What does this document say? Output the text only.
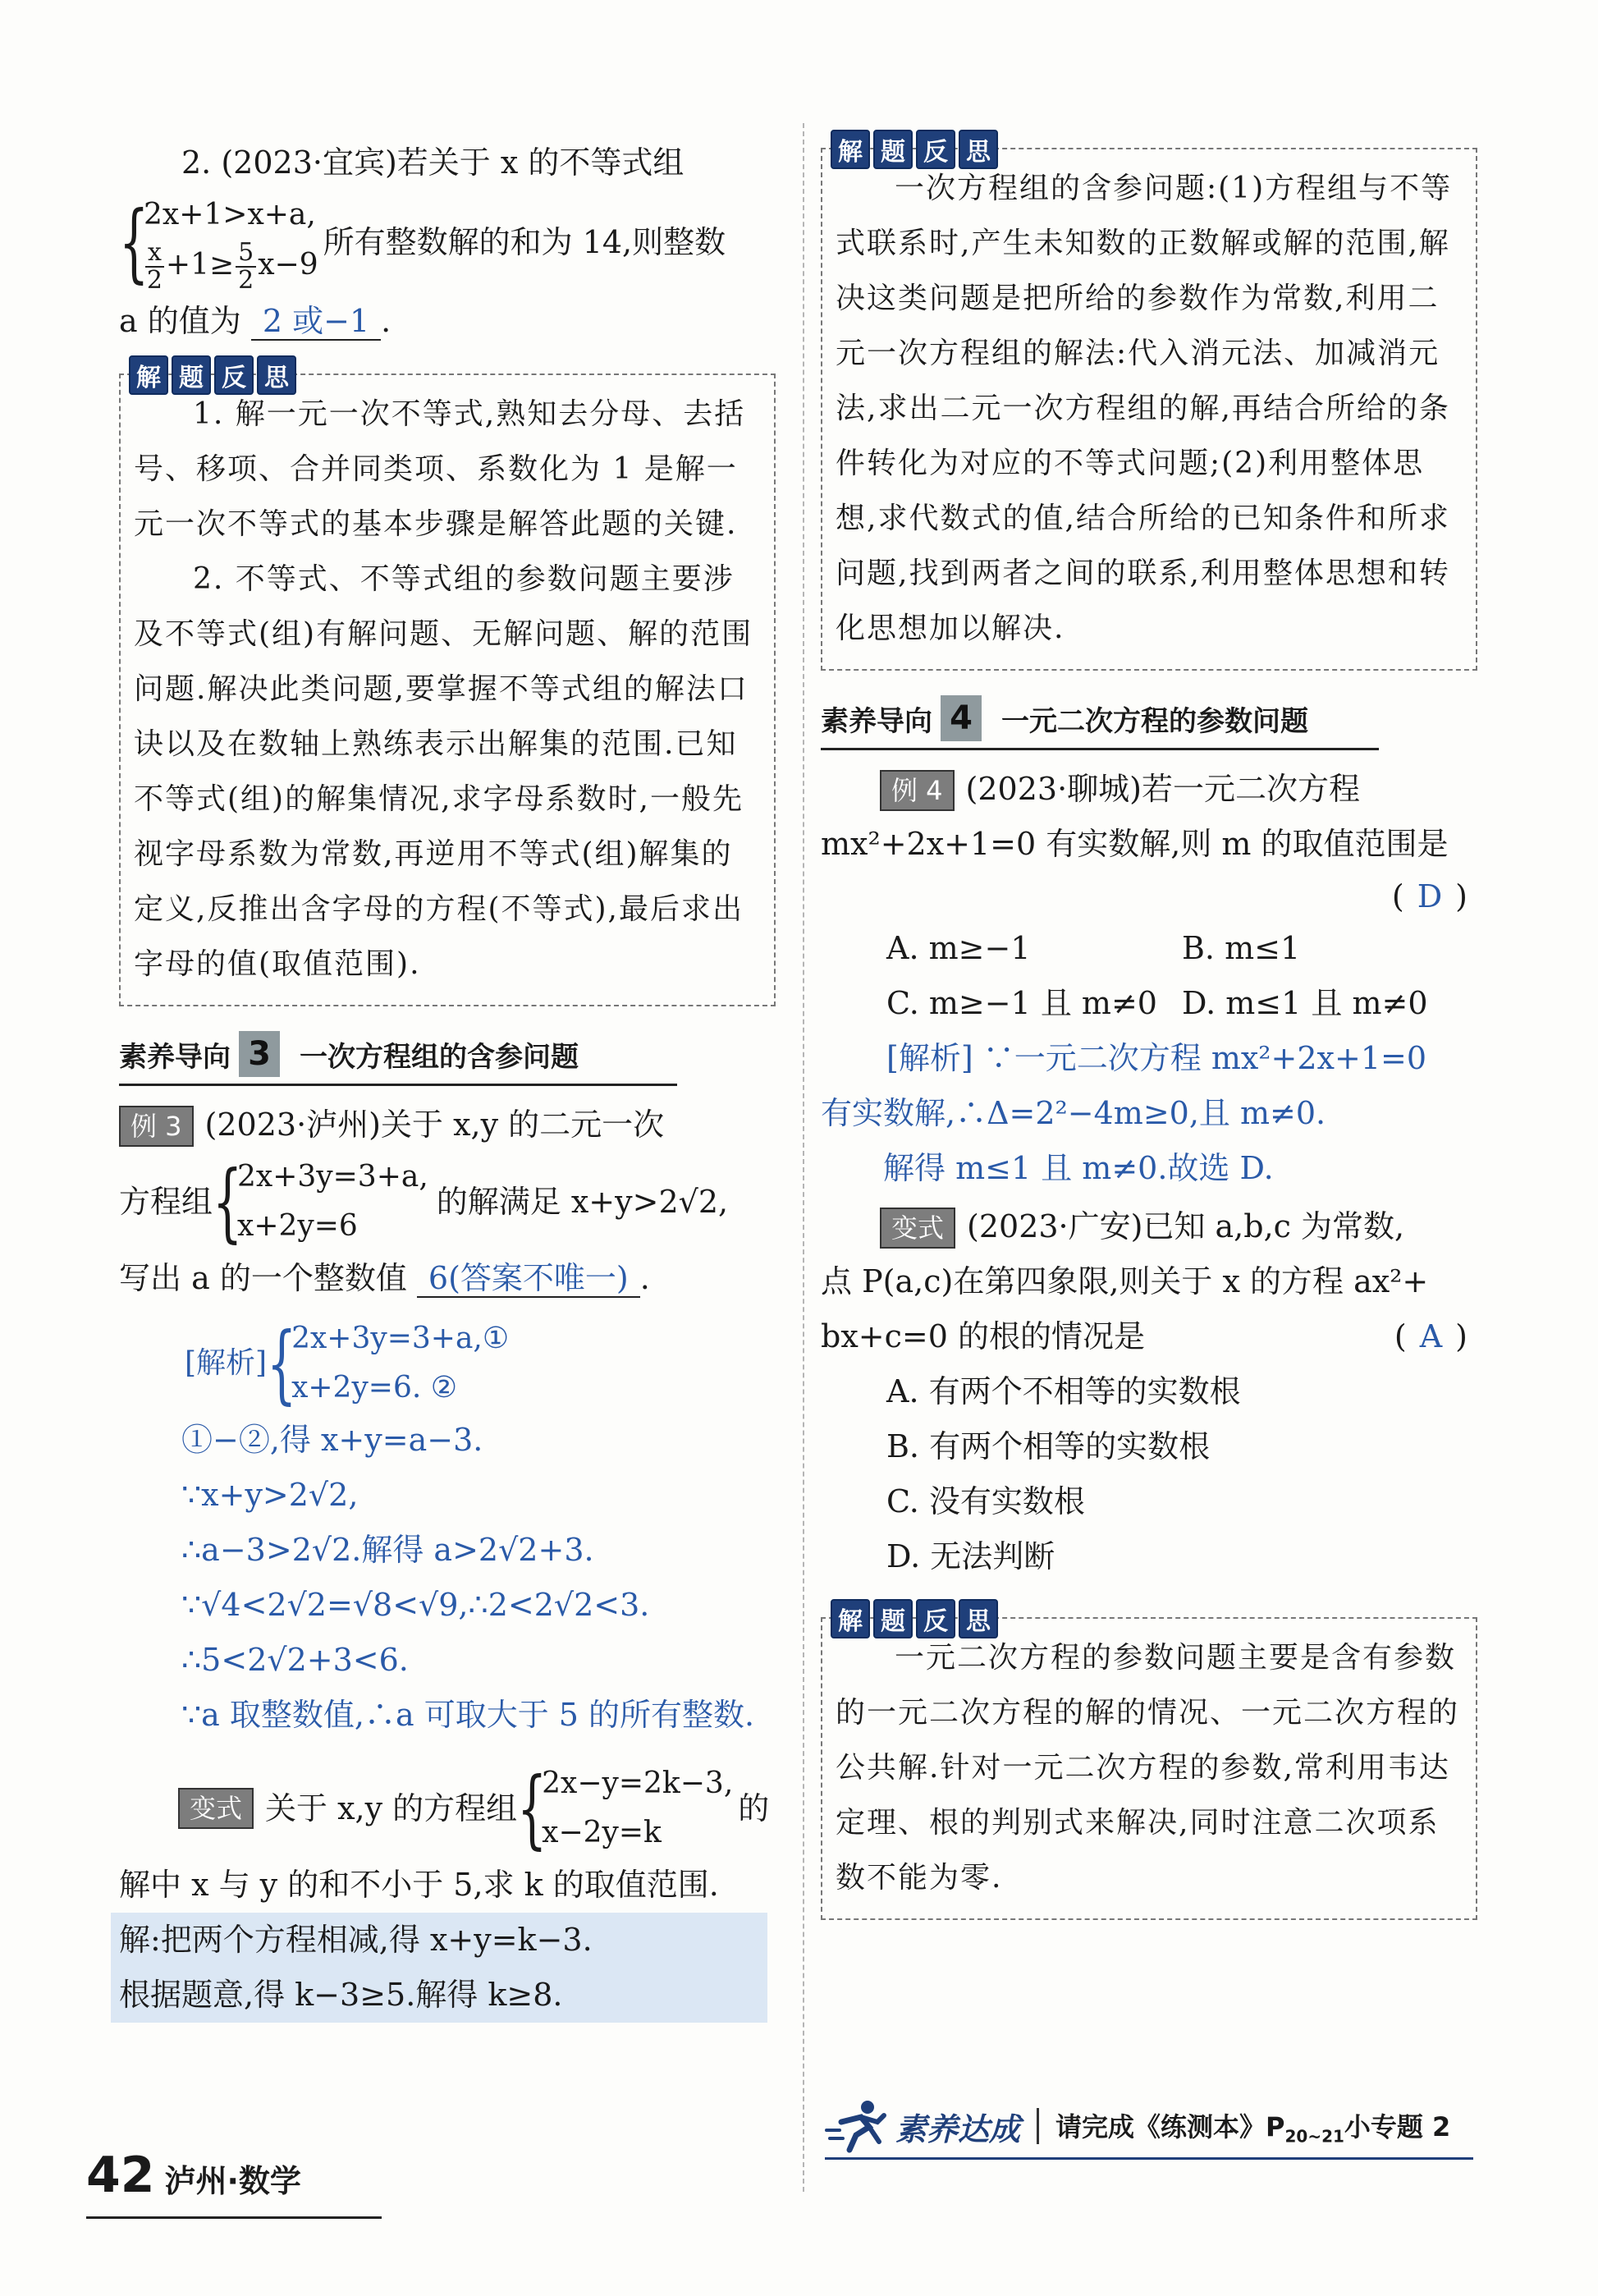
2. (2023·宜宾)若关于 x 的不等式组

{
2x+1>x+a,
$\frac{x}{2} +1\ge \frac{5}{2} x-9$
所有整数解的和为 14,则整数

a 的值为 2 或−1 .

解 题 反 思

1. 解一元一次不等式,熟知去分母、去括号、移项、合并同类项、系数化为 1 是解一元一次不等式的基本步骤是解答此题的关键.

2. 不等式、不等式组的参数问题主要涉及不等式(组)有解问题、无解问题、解的范围问题.解决此类问题,要掌握不等式组的解法口诀以及在数轴上熟练表示出解集的范围.已知不等式(组)的解集情况,求字母系数时,一般先视字母系数为常数,再逆用不等式(组)解集的定义,反推出含字母的方程(不等式),最后求出字母的值(取值范围).

素养导向 3	一次方程组的含参问题

例 3 (2023·泸州)关于 x,y 的二元一次

方程组 {
2x+3y=3+a,
x+2y=6
的解满足 x+y>2√2,

写出 a 的一个整数值 6(答案不唯一) .

[解析] {
2x+3y=3+a,①
x+2y=6. ②

①−②,得 x+y=a−3.

∵x+y>2√2,

∴a−3>2√2.解得 a>2√2+3.

∵√4<2√2=√8<√9,∴2<2√2<3.

∴5<2√2+3<6.

∵a 取整数值,∴a 可取大于 5 的所有整数.

变式 关于 x,y 的方程组 {
2x−y=2k−3,
x−2y=k
的

解中 x 与 y 的和不小于 5,求 k 的取值范围.

解:把两个方程相减,得 x+y=k−3.

根据题意,得 k−3≥5.解得 k≥8.

解 题 反 思

一次方程组的含参问题:(1)方程组与不等式联系时,产生未知数的正数解或解的范围,解决这类问题是把所给的参数作为常数,利用二元一次方程组的解法:代入消元法、加减消元法,求出二元一次方程组的解,再结合所给的条件转化为对应的不等式问题;(2)利用整体思想,求代数式的值,结合所给的已知条件和所求问题,找到两者之间的联系,利用整体思想和转化思想加以解决.

素养导向 4	一元二次方程的参数问题

例 4 (2023·聊城)若一元二次方程

mx²+2x+1=0 有实数解,则 m 的取值范围是

( D )
A. m≥−1	B. m≤1
C. m≥−1 且 m≠0 D. m≤1 且 m≠0

[解析] ∵一元二次方程 mx²+2x+1=0

有实数解,∴Δ=2²−4m≥0,且 m≠0.

解得 m≤1 且 m≠0.故选 D.

变式 (2023·广安)已知 a,b,c 为常数,

点 P(a,c)在第四象限,则关于 x 的方程 ax²+

bx+c=0 的根的情况是	( A )

A. 有两个不相等的实数根
B. 有两个相等的实数根
C. 没有实数根
D. 无法判断
解 题 反 思

一元二次方程的参数问题主要是含有参数的一元二次方程的解的情况、一元二次方程的公共解.针对一元二次方程的参数,常利用韦达定理、根的判别式来解决,同时注意二次项系数不能为零.

42 泸州·数学
素养达成 请完成《练测本》$P_{20\sim 21}$小专题 2
